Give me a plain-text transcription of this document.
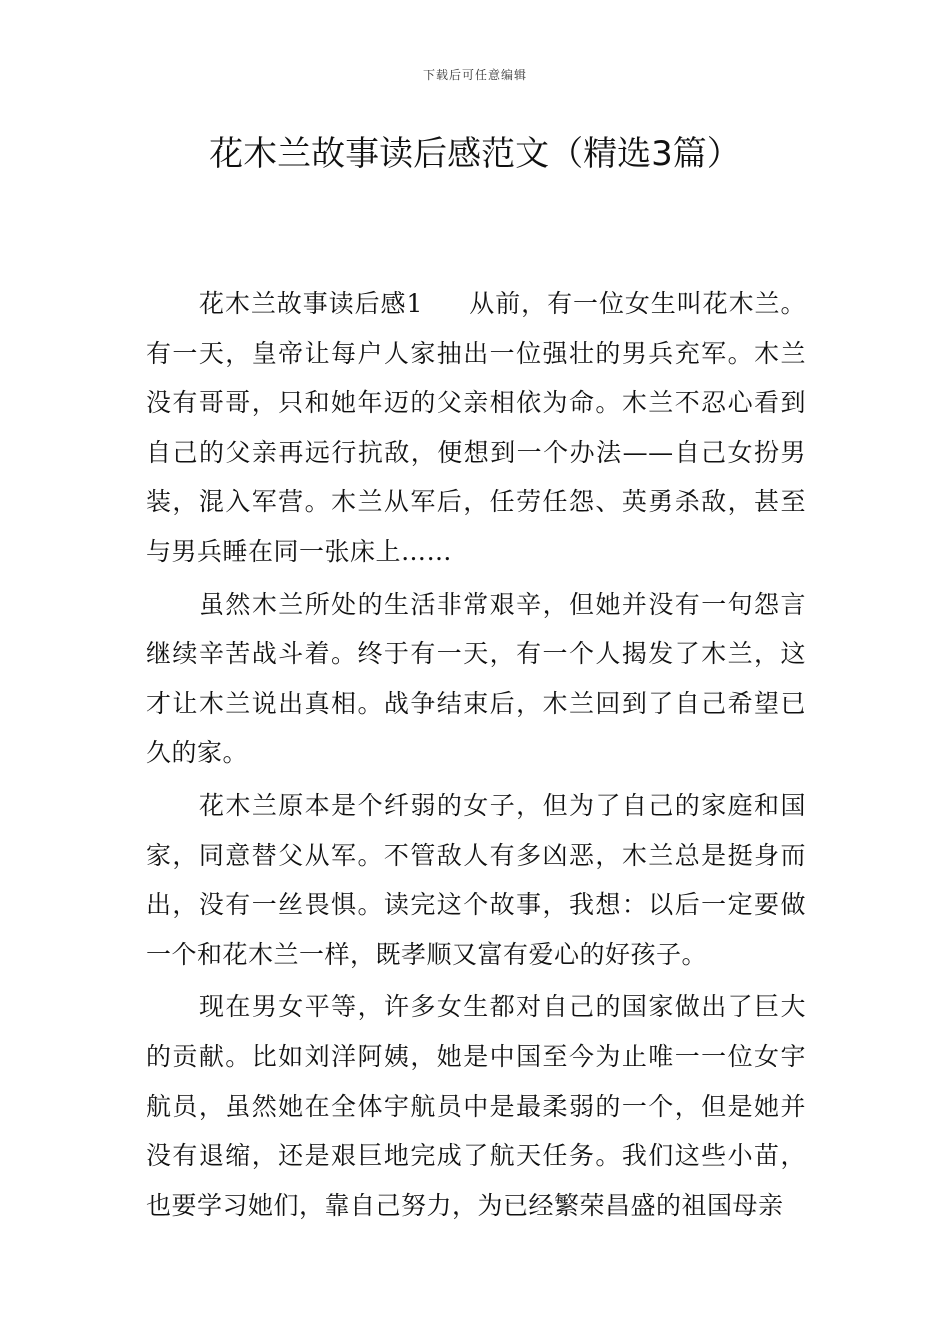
下载后可任意编辑
花木兰故事读后感范文（精选3篇）

花木兰故事读后感1 从前，有一位女生叫花木兰。有一天，皇帝让每户人家抽出一位强壮的男兵充军。木兰没有哥哥，只和她年迈的父亲相依为命。木兰不忍心看到自己的父亲再远行抗敌，便想到一个办法——自己女扮男装，混入军营。木兰从军后，任劳任怨、英勇杀敌，甚至与男兵睡在同一张床上……

虽然木兰所处的生活非常艰辛，但她并没有一句怨言继续辛苦战斗着。终于有一天，有一个人揭发了木兰，这才让木兰说出真相。战争结束后，木兰回到了自己希望已久的家。

花木兰原本是个纤弱的女子，但为了自己的家庭和国家，同意替父从军。不管敌人有多凶恶，木兰总是挺身而出，没有一丝畏惧。读完这个故事，我想：以后一定要做一个和花木兰一样，既孝顺又富有爱心的好孩子。

现在男女平等，许多女生都对自己的国家做出了巨大的贡献。比如刘洋阿姨，她是中国至今为止唯一一位女宇航员，虽然她在全体宇航员中是最柔弱的一个，但是她并没有退缩，还是艰巨地完成了航天任务。我们这些小苗，也要学习她们，靠自己努力，为已经繁荣昌盛的祖国母亲
